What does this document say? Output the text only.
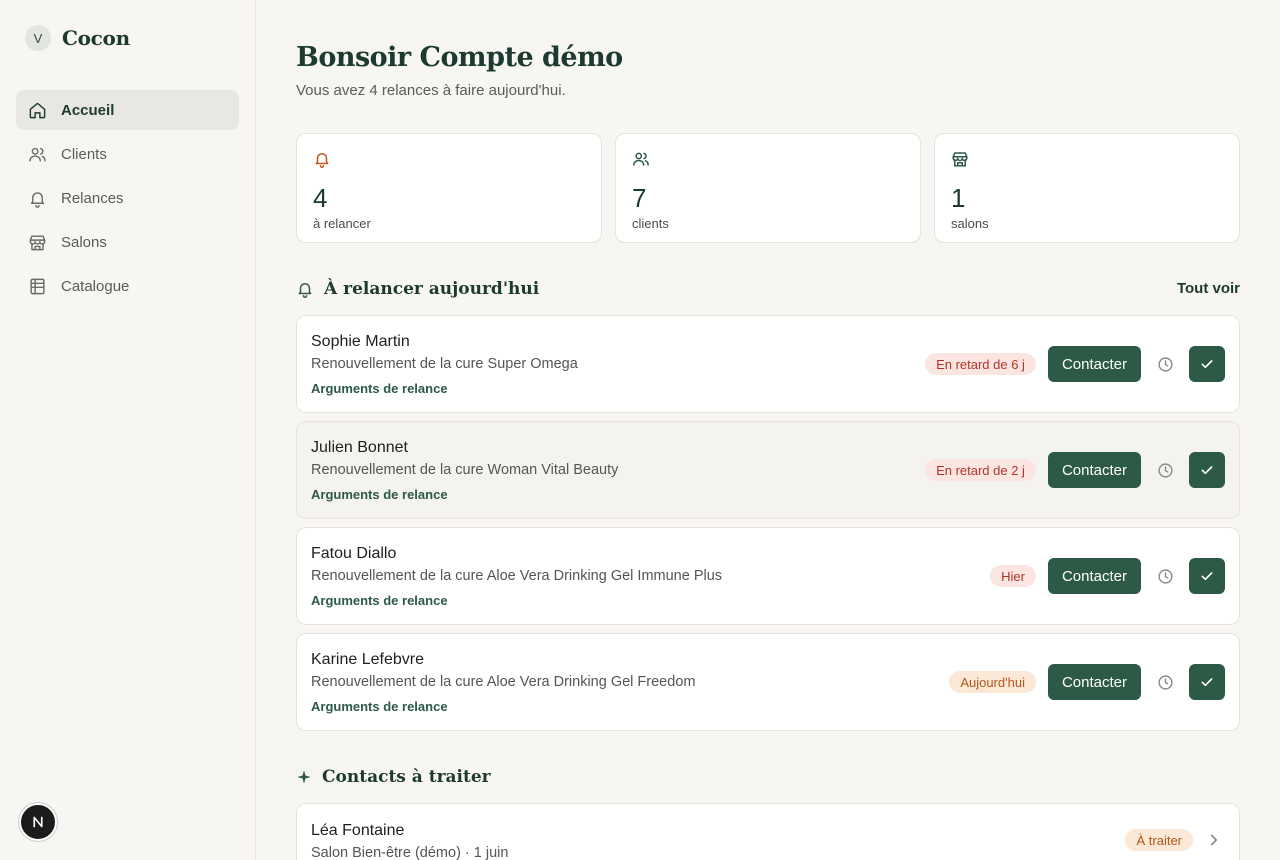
V Cocon
Accueil
Clients
Relances
Salons
Catalogue
Bonsoir Compte démo

Vous avez 4 relances à faire aujourd'hui.

4
à relancer
7
clients
1
salons
À relancer aujourd'hui	Tout voir
Sophie Martin
Renouvellement de la cure Super Omega
Arguments de relance
En retard de 6 j	Contacter
Julien Bonnet
Renouvellement de la cure Woman Vital Beauty
Arguments de relance
En retard de 2 j	Contacter
Fatou Diallo
Renouvellement de la cure Aloe Vera Drinking Gel Immune Plus
Arguments de relance
Hier	Contacter
Karine Lefebvre
Renouvellement de la cure Aloe Vera Drinking Gel Freedom
Arguments de relance
Aujourd'hui	Contacter
Contacts à traiter
Léa Fontaine
Salon Bien-être (démo) · 1 juin
À traiter
